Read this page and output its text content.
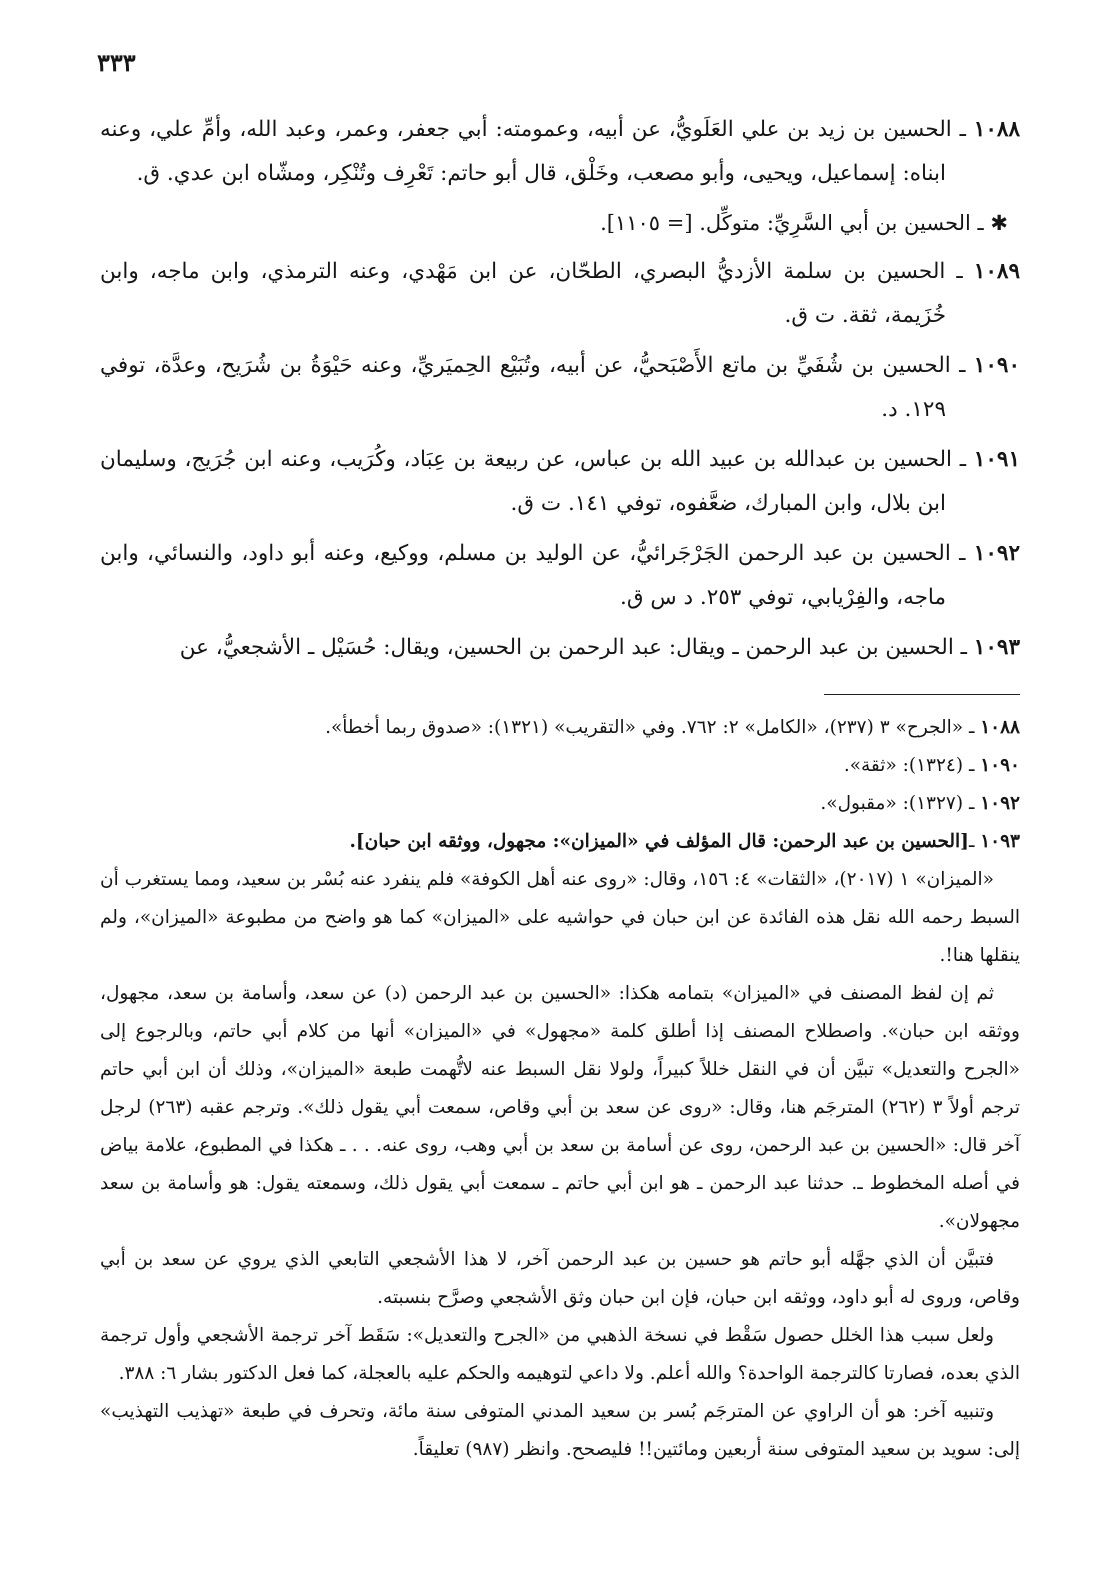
٣٣٣

١٠٨٨ ـ الحسين بن زيد بن علي العَلَويُّ، عن أبيه، وعمومته: أبي جعفر، وعمر، وعبد الله، وأمِّ علي، وعنه ابناه: إسماعيل، ويحيى، وأبو مصعب، وخَلْق، قال أبو حاتم: تَعْرِف وتُنْكِر، ومشّاه ابن عدي. ق.

✱ ـ الحسين بن أبي السَّرِيِّ: متوكِّل. [= ١١٠٥].

١٠٨٩ ـ الحسين بن سلمة الأزديُّ البصري، الطحّان، عن ابن مَهْدي، وعنه الترمذي، وابن ماجه، وابن خُزَيمة، ثقة. ت ق.

١٠٩٠ ـ الحسين بن شُفَيِّ بن ماتع الأَصْبَحيُّ، عن أبيه، وتُبَيْع الحِميَريِّ، وعنه حَيْوَةُ بن شُرَيح، وعدَّة، توفي ١٢٩. د.

١٠٩١ ـ الحسين بن عبدالله بن عبيد الله بن عباس، عن ربيعة بن عِبَاد، وكُرَيب، وعنه ابن جُرَيج، وسليمان ابن بلال، وابن المبارك، ضعَّفوه، توفي ١٤١. ت ق.

١٠٩٢ ـ الحسين بن عبد الرحمن الجَرْجَرائيُّ، عن الوليد بن مسلم، ووكيع، وعنه أبو داود، والنسائي، وابن ماجه، والفِرْيابي، توفي ٢٥٣. د س ق.

١٠٩٣ ـ الحسين بن عبد الرحمن ـ ويقال: عبد الرحمن بن الحسين، ويقال: حُسَيْل ـ الأشجعيُّ، عن

١٠٨٨ ـ «الجرح» ٣ (٢٣٧)، «الكامل» ٢: ٧٦٢. وفي «التقريب» (١٣٢١): «صدوق ربما أخطأ».

١٠٩٠ ـ (١٣٢٤): «ثقة».

١٠٩٢ ـ (١٣٢٧): «مقبول».

١٠٩٣ ـ[الحسين بن عبد الرحمن: قال المؤلف في «الميزان»: مجهول، ووثقه ابن حبان].

«الميزان» ١ (٢٠١٧)، «الثقات» ٤: ١٥٦، وقال: «روى عنه أهل الكوفة» فلم ينفرد عنه بُسْر بن سعيد، ومما يستغرب أن السبط رحمه الله نقل هذه الفائدة عن ابن حبان في حواشيه على «الميزان» كما هو واضح من مطبوعة «الميزان»، ولم ينقلها هنا!.

ثم إن لفظ المصنف في «الميزان» بتمامه هكذا: «الحسين بن عبد الرحمن (د) عن سعد، وأسامة بن سعد، مجهول، ووثقه ابن حبان». واصطلاح المصنف إذا أطلق كلمة «مجهول» في «الميزان» أنها من كلام أبي حاتم، وبالرجوع إلى «الجرح والتعديل» تبيَّن أن في النقل خللاً كبيراً، ولولا نقل السبط عنه لاتُّهمت طبعة «الميزان»، وذلك أن ابن أبي حاتم ترجم أولاً ٣ (٢٦٢) المترجَم هنا، وقال: «روى عن سعد بن أبي وقاص، سمعت أبي يقول ذلك». وترجم عقبه (٢٦٣) لرجل آخر قال: «الحسين بن عبد الرحمن، روى عن أسامة بن سعد بن أبي وهب، روى عنه. . . ـ هكذا في المطبوع، علامة بياض في أصله المخطوط ـ. حدثنا عبد الرحمن ـ هو ابن أبي حاتم ـ سمعت أبي يقول ذلك، وسمعته يقول: هو وأسامة بن سعد مجهولان».

فتبيَّن أن الذي جهَّله أبو حاتم هو حسين بن عبد الرحمن آخر، لا هذا الأشجعي التابعي الذي يروي عن سعد بن أبي وقاص، وروى له أبو داود، ووثقه ابن حبان، فإن ابن حبان وثق الأشجعي وصرَّح بنسبته.

ولعل سبب هذا الخلل حصول سَقْط في نسخة الذهبي من «الجرح والتعديل»: سَقَط آخر ترجمة الأشجعي وأول ترجمة الذي بعده، فصارتا كالترجمة الواحدة؟ والله أعلم. ولا داعي لتوهيمه والحكم عليه بالعجلة، كما فعل الدكتور بشار ٦: ٣٨٨.

وتنبيه آخر: هو أن الراوي عن المترجَم بُسر بن سعيد المدني المتوفى سنة مائة، وتحرف في طبعة «تهذيب التهذيب» إلى: سويد بن سعيد المتوفى سنة أربعين ومائتين!! فليصحح. وانظر (٩٨٧) تعليقاً.
